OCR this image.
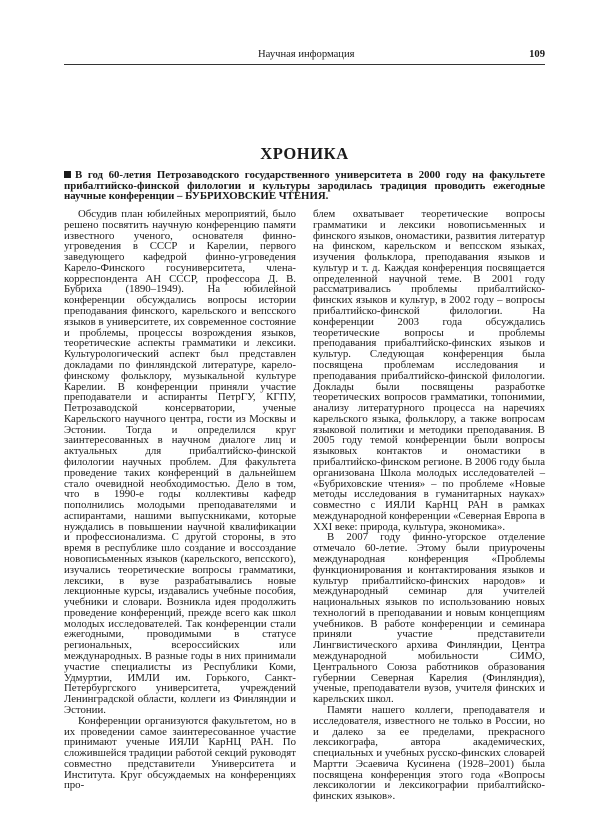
Научная информация	109
ХРОНИКА
В год 60-летия Петрозаводского государственного университета в 2000 году на факультете прибалтийско-финской филологии и культуры зародилась традиция проводить ежегодные научные конференции – БУБРИХОВСКИЕ ЧТЕНИЯ.

Обсудив план юбилейных мероприятий, было решено посвятить научную конференцию памяти известного ученого, основателя финно-угроведения в СССР и Карелии, первого заведующего кафедрой финно-угроведения Карело-Финского госуниверситета, члена-корреспондента АН СССР, профессора Д. В. Бубриха (1890–1949). На юбилейной конференции обсуждались вопросы истории преподавания финского, карельского и вепсского языков в университете, их современное состояние и проблемы, процессы возрождения языков, теоретические аспекты грамматики и лексики. Культурологический аспект был представлен докладами по финляндской литературе, карело-финскому фольклору, музыкальной культуре Карелии. В конференции приняли участие преподаватели и аспиранты ПетрГУ, КГПУ, Петрозаводской консерватории, ученые Карельского научного центра, гости из Москвы и Эстонии. Тогда и определился круг заинтересованных в научном диалоге лиц и актуальных для прибалтийско-финской филологии научных проблем. Для факультета проведение таких конференций в дальнейшем стало очевидной необходимостью. Дело в том, что в 1990-е годы коллективы кафедр пополнились молодыми преподавателями и аспирантами, нашими выпускниками, которые нуждались в повышении научной квалификации и профессионализма. С другой стороны, в это время в республике шло создание и воссоздание новописьменных языков (карельского, вепсского), изучались теоретические вопросы грамматики, лексики, в вузе разрабатывались новые лекционные курсы, издавались учебные пособия, учебники и словари. Возникла идея продолжить проведение конференций, прежде всего как школ молодых исследователей. Так конференции стали ежегодными, проводимыми в статусе региональных, всероссийских или международных. В разные годы в них принимали участие специалисты из Республики Коми, Удмуртии, ИМЛИ им. Горького, Санкт-Петербургского университета, учреждений Ленинградской области, коллеги из Финляндии и Эстонии.

Конференции организуются факультетом, но в их проведении самое заинтересованное участие принимают ученые ИЯЛИ КарНЦ РАН. По сложившейся традиции работой секций руководят совместно представители Университета и Института. Круг обсуждаемых на конференциях про-

блем охватывает теоретические вопросы грамматики и лексики новописьменных и финского языков, ономастики, развития литератур на финском, карельском и вепсском языках, изучения фольклора, преподавания языков и культур и т. д. Каждая конференция посвящается определенной научной теме. В 2001 году рассматривались проблемы прибалтийско-финских языков и культур, в 2002 году – вопросы прибалтийско-финской филологии. На конференции 2003 года обсуждались теоретические вопросы и проблемы преподавания прибалтийско-финских языков и культур. Следующая конференция была посвящена проблемам исследования и преподавания прибалтийско-финской филологии. Доклады были посвящены разработке теоретических вопросов грамматики, топонимии, анализу литературного процесса на наречиях карельского языка, фольклору, а также вопросам языковой политики и методики преподавания. В 2005 году темой конференции были вопросы языковых контактов и ономастики в прибалтийско-финском регионе. В 2006 году была организована Школа молодых исследователей – «Бубриховские чтения» – по проблеме «Новые методы исследования в гуманитарных науках» совместно с ИЯЛИ КарНЦ РАН в рамках международной конференции «Северная Европа в XXI веке: природа, культура, экономика».

В 2007 году финно-угорское отделение отмечало 60-летие. Этому были приурочены международная конференция «Проблемы функционирования и контактирования языков и культур прибалтийско-финских народов» и международный семинар для учителей национальных языков по использованию новых технологий в преподавании и новым концепциям учебников. В работе конференции и семинара приняли участие представители Лингвистического архива Финляндии, Центра международной мобильности СИМО, Центрального Союза работников образования губернии Северная Карелия (Финляндия), ученые, преподаватели вузов, учителя финских и карельских школ.

Памяти нашего коллеги, преподавателя и исследователя, известного не только в России, но и далеко за ее пределами, прекрасного лексикографа, автора академических, специальных и учебных русско-финских словарей Мартти Эсаевича Кусиненa (1928–2001) была посвящена конференция этого года «Вопросы лексикологии и лексикографии прибалтийско-финских языков».
